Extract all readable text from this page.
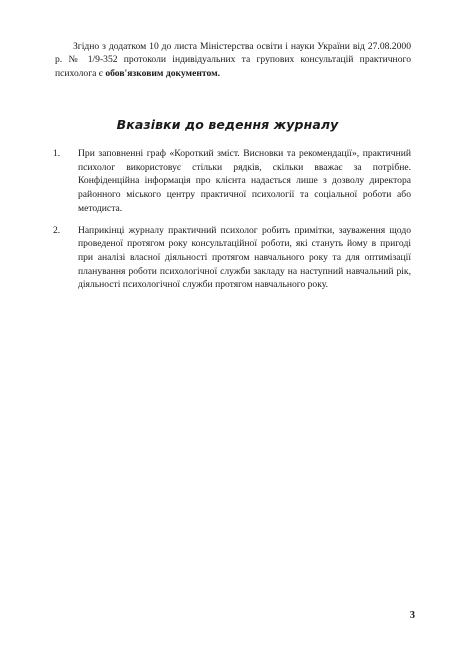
Згідно з додатком 10 до листа Міністерства освіти і науки України від 27.08.2000 р. № 1/9-352 протоколи індивідуальних та групових консультацій практичного психолога є обов'язковим документом.

Вказівки до ведення журналу
1. При заповненні граф «Короткий зміст. Висновки та рекомендації», практичний психолог використовує стільки рядків, скільки вважає за потрібне. Конфіденційна інформація про клієнта надається лише з дозволу директора районного міського центру практичної психології та соціальної роботи або методиста.
2. Наприкінці журналу практичний психолог робить примітки, зауваження щодо проведеної протягом року консультаційної роботи, які стануть йому в пригоді при аналізі власної діяльності протягом навчального року та для оптимізації планування роботи психологічної служби закладу на наступний навчальний рік, діяльності психологічної служби протягом навчального року.
3
